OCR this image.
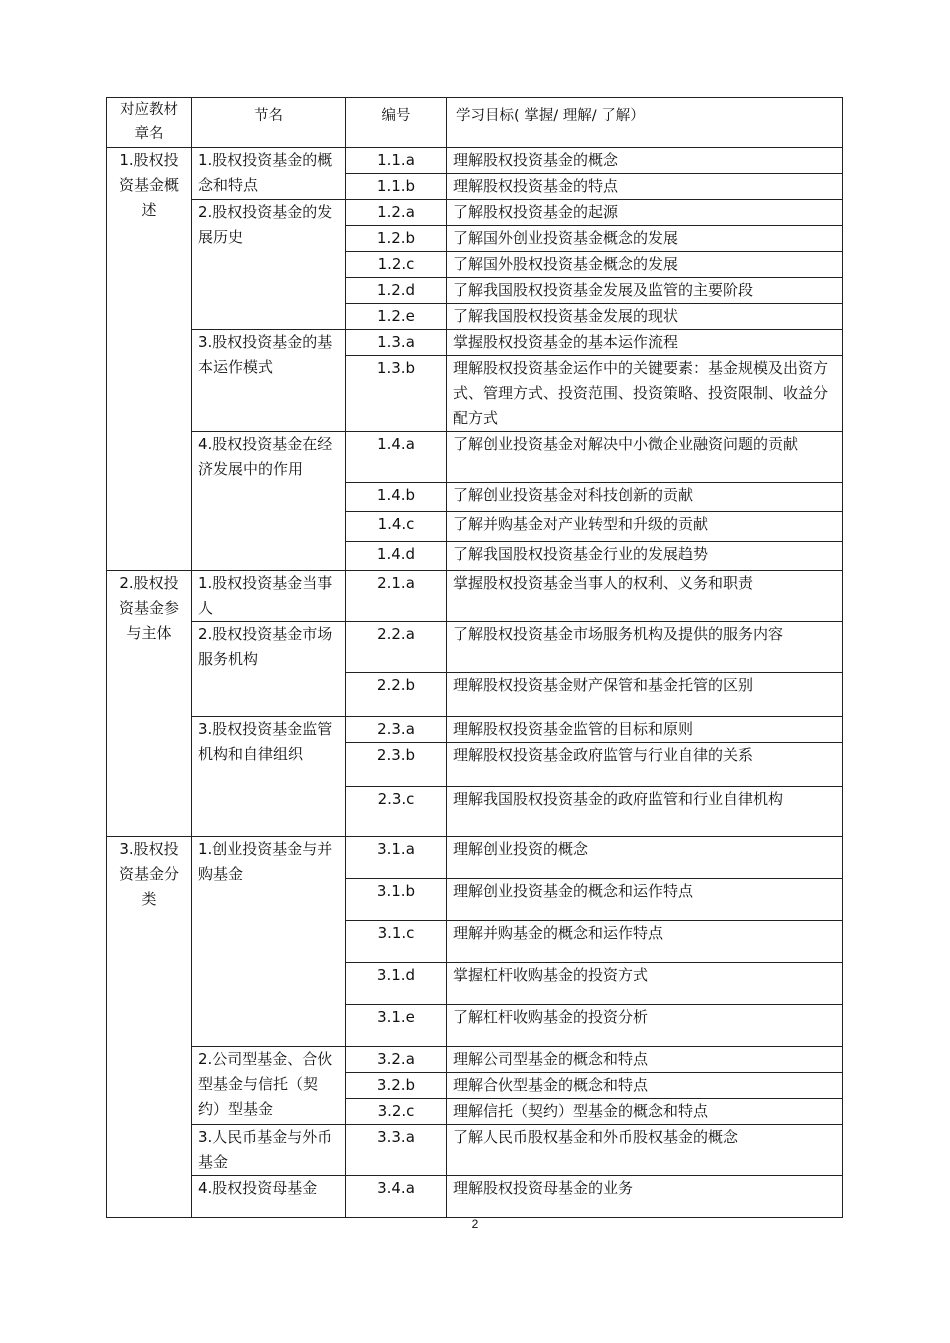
对应教材章名	节名	编号	学习目标( 掌握/ 理解/ 了解）
1.股权投资基金概述	1.股权投资基金的概念和特点	1.1.a	理解股权投资基金的概念
		1.1.b	理解股权投资基金的特点
	2.股权投资基金的发展历史	1.2.a	了解股权投资基金的起源
		1.2.b	了解国外创业投资基金概念的发展
		1.2.c	了解国外股权投资基金概念的发展
		1.2.d	了解我国股权投资基金发展及监管的主要阶段
		1.2.e	了解我国股权投资基金发展的现状
	3.股权投资基金的基本运作模式	1.3.a	掌握股权投资基金的基本运作流程
		1.3.b	理解股权投资基金运作中的关键要素：基金规模及出资方式、管理方式、投资范围、投资策略、投资限制、收益分配方式
	4.股权投资基金在经济发展中的作用	1.4.a	了解创业投资基金对解决中小微企业融资问题的贡献
		1.4.b	了解创业投资基金对科技创新的贡献
		1.4.c	了解并购基金对产业转型和升级的贡献
		1.4.d	了解我国股权投资基金行业的发展趋势
2.股权投资基金参与主体	1.股权投资基金当事人	2.1.a	掌握股权投资基金当事人的权利、义务和职责
	2.股权投资基金市场服务机构	2.2.a	了解股权投资基金市场服务机构及提供的服务内容
		2.2.b	理解股权投资基金财产保管和基金托管的区别
	3.股权投资基金监管机构和自律组织	2.3.a	理解股权投资基金监管的目标和原则
		2.3.b	理解股权投资基金政府监管与行业自律的关系
		2.3.c	理解我国股权投资基金的政府监管和行业自律机构
3.股权投资基金分类	1.创业投资基金与并购基金	3.1.a	理解创业投资的概念
		3.1.b	理解创业投资基金的概念和运作特点
		3.1.c	理解并购基金的概念和运作特点
		3.1.d	掌握杠杆收购基金的投资方式
		3.1.e	了解杠杆收购基金的投资分析
	2.公司型基金、合伙型基金与信托（契约）型基金	3.2.a	理解公司型基金的概念和特点
		3.2.b	理解合伙型基金的概念和特点
		3.2.c	理解信托（契约）型基金的概念和特点
	3.人民币基金与外币基金	3.3.a	了解人民币股权基金和外币股权基金的概念
	4.股权投资母基金	3.4.a	理解股权投资母基金的业务
2
